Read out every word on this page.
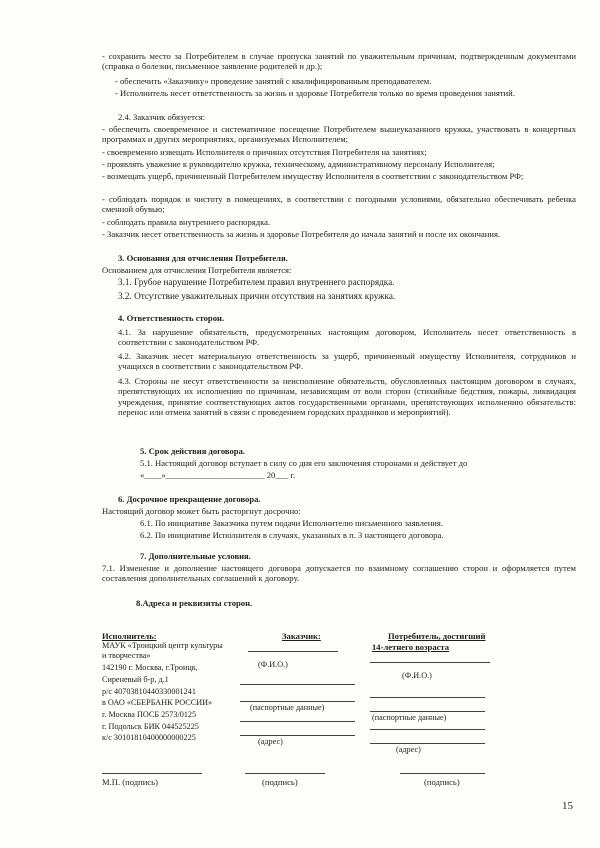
- сохранить место за Потребителем в случае пропуска занятий по уважительным причинам, подтвержденным документами (справка о болезни, письменное заявление родителей и др.);
- обеспечить «Заказчику» проведение занятий с квалифицированным преподавателем.
- Исполнитель несет ответственность за жизнь и здоровье Потребителя только во время проведения занятий.
2.4. Заказчик обязуется:
- обеспечить своевременное и систематичное посещение Потребителем вышеуказанного кружка, участвовать в концертных программах и других мероприятиях, организуемых Исполнителем;
- своевременно извещать Исполнителя о причинах отсутствия Потребителя на занятиях;
- проявлять уважение к руководителю кружка, техническому, административному персоналу Исполнителя;
- возмещать ущерб, причиненный Потребителем имуществу Исполнителя в соответствии с законодательством РФ;
- соблюдать порядок и чистоту в помещениях, в соответствии с погодными условиями, обязательно обеспечивать ребенка сменной обувью;
- соблюдать правила внутреннего распорядка.
- Заказчик несет ответственность за жизнь и здоровье Потребителя до начала занятий и после их окончания.
3. Основания для отчисления Потребителя.
Основанием для отчисления Потребителя является:
3.1. Грубое нарушение Потребителем правил внутреннего распорядка.
3.2. Отсутствие уважительных причин отсутствия на занятиях кружка.
4. Ответственность сторон.
4.1. За нарушение обязательств, предусмотренных настоящим договором, Исполнитель несет ответственность в соответствии с законодательством РФ.
4.2. Заказчик несет материальную ответственность за ущерб, причиненный имуществу Исполнителя, сотрудников и учащихся в соответствии с законодательством РФ.
4.3. Стороны не несут ответственности за неисполнение обязательств, обусловленных настоящим договором в случаях, препятствующих их исполнению по причинам, независящим от воли сторон (стихийные бедствия, пожары, ликвидация учреждения, принятие соответствующих актов государственными органами, препятствующих исполнению обязательств: перенос или отмена занятий в связи с проведением городских праздников и мероприятий).
5. Срок действия договора.
5.1. Настоящий договор вступает в силу со дня его заключения сторонами и действует до
«____»_______________________ 20___ г.
6. Досрочное прекращение договора.
Настоящий договор может быть расторгнут досрочно:
6.1. По инициативе Заказчика путем подачи Исполнителю письменного заявления.
6.2. По инициативе Исполнителя в случаях, указанных в п. 3 настоящего договора.
7. Дополнительные условия.
7.1. Изменение и дополнение настоящего договора допускается по взаимному соглашению сторон и оформляется путем составления дополнительных соглашений к договору.
8.Адреса и реквизиты сторон.
Исполнитель:
МАУК «Троицкий центр культуры
и творчества»
142190 г. Москва, г.Троицк,
Сиреневый б-р, д.1
р/с 40703810440330001241
в ОАО «СБЕРБАНК РОССИИ»
г. Москва ПОСБ 2573/0125
г. Подольск БИК 044525225
к/с 30101810400000000225
М.П. (подпись)
Заказчик:
(Ф.И.О.)
(паспортные данные)
(адрес)
(подпись)
Потребитель, достигший
14-летнего возраста
(Ф.И.О.)
(паспортные данные)
(адрес)
(подпись)
15
